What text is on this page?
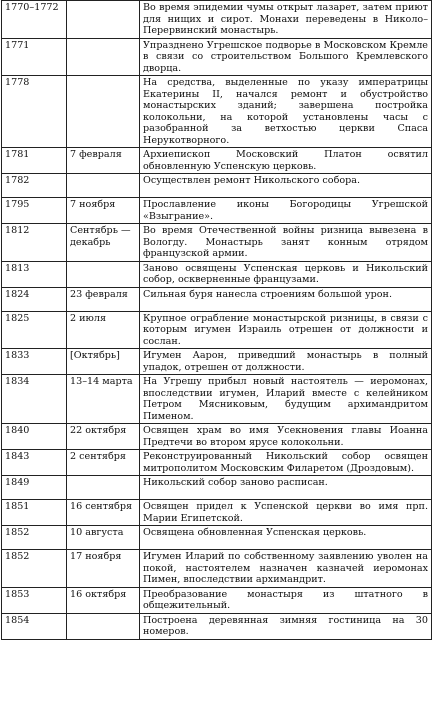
1770–1772		Во время эпидемии чумы открыт лазарет, затем приют для нищих и сирот. Монахи переведены в Николо–Перервинский монастырь.
1771		Упразднено Угрешское подворье в Московском Кремле в связи со строительством Большого Кремлевского дворца.
1778		На средства, выделенные по указу императрицы Екатерины II, начался ремонт и обустройство монастырских зданий; завершена постройка колокольни, на которой установлены часы с разобранной за ветхостью церкви Спаса Нерукотворного.
1781	7 февраля	Архиепископ Московский Платон освятил обновленную Успенскую церковь.
1782		Осуществлен ремонт Никольского собора.
1795	7 ноября	Прославление иконы Богородицы Угрешской «Взыграние».
1812	Сентябрь — декабрь	Во время Отечественной войны ризница вывезена в Вологду. Монастырь занят конным отрядом французской армии.
1813		Заново освящены Успенская церковь и Никольский собор, оскверненные французами.
1824	23 февраля	Сильная буря нанесла строениям большой урон.
1825	2 июля	Крупное ограбление монастырской ризницы, в связи с которым игумен Израиль отрешен от должности и сослан.
1833	[Октябрь]	Игумен Аарон, приведший монастырь в полный упадок, отрешен от должности.
1834	13–14 марта	На Угрешу прибыл новый настоятель — иеромонах, впоследствии игумен, Иларий вместе с келейником Петром Мясниковым, будущим архимандритом Пименом.
1840	22 октября	Освящен храм во имя Усекновения главы Иоанна Предтечи во втором ярусе колокольни.
1843	2 сентября	Реконструированный Никольский собор освящен митрополитом Московским Филаретом (Дроздовым).
1849		Никольский собор заново расписан.
1851	16 сентября	Освящен придел к Успенской церкви во имя прп. Марии Египетской.
1852	10 августа	Освящена обновленная Успенская церковь.
1852	17 ноября	Игумен Иларий по собственному заявлению уволен на покой, настоятелем назначен казначей иеромонах Пимен, впоследствии архимандрит.
1853	16 октября	Преобразование монастыря из штатного в общежительный.
1854		Построена деревянная зимняя гостиница на 30 номеров.
